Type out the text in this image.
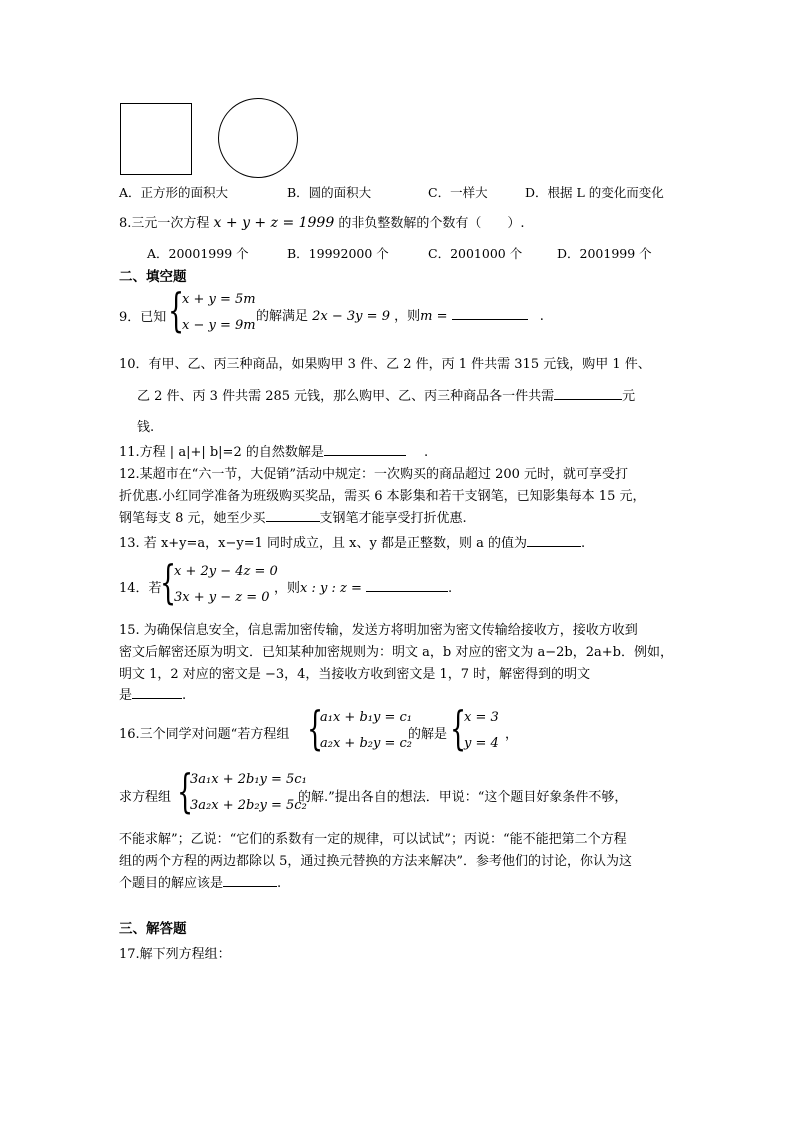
A．正方形的面积大	B．圆的面积大	C．一样大	D．根据 L 的变化而变化
8.三元一次方程 x + y + z = 1999 的非负整数解的个数有（　　）.
A．20001999 个	B．19992000 个	C．2001000 个	D．2001999 个
二、填空题
9．已知 {
x + y = 5m
x − y = 9m
的解满足 2x − 3y = 9 ，则m =	.
10．有甲、乙、丙三种商品，如果购甲 3 件、乙 2 件，丙 1 件共需 315 元钱，购甲 1 件、
乙 2 件、丙 3 件共需 285 元钱，那么购甲、乙、丙三种商品各一件共需	元
钱.
11.方程 | a|+| b|=2 的自然数解是	.
12.某超市在“六一节，大促销”活动中规定：一次购买的商品超过 200 元时，就可享受打
折优惠.小红同学准备为班级购买奖品，需买 6 本影集和若干支钢笔，已知影集每本 15 元，
钢笔每支 8 元，她至少买	支钢笔才能享受打折优惠.
13. 若 x+y=a，x−y=1 同时成立，且 x、y 都是正整数，则 a 的值为	.
14．若
{
x + 2y − 4z = 0
3x + y − z = 0
，则x : y : z =	.
15. 为确保信息安全，信息需加密传输，发送方将明加密为密文传输给接收方，接收方收到
密文后解密还原为明文．已知某种加密规则为：明文 a，b 对应的密文为 a−2b，2a+b．例如，
明文 1，2 对应的密文是 −3，4，当接收方收到密文是 1，7 时，解密得到的明文
是	.
16.三个同学对问题“若方程组 {
a₁x + b₁y = c₁
a₂x + b₂y = c₂
的解是 {
x = 3
y = 4
，
求方程组 {
3a₁x + 2b₁y = 5c₁
3a₂x + 2b₂y = 5c₂
的解.”提出各自的想法．甲说：“这个题目好象条件不够，
不能求解”；乙说：“它们的系数有一定的规律，可以试试”；丙说：“能不能把第二个方程
组的两个方程的两边都除以 5，通过换元替换的方法来解决”．参考他们的讨论，你认为这
个题目的解应该是	.
三、解答题
17.解下列方程组：
